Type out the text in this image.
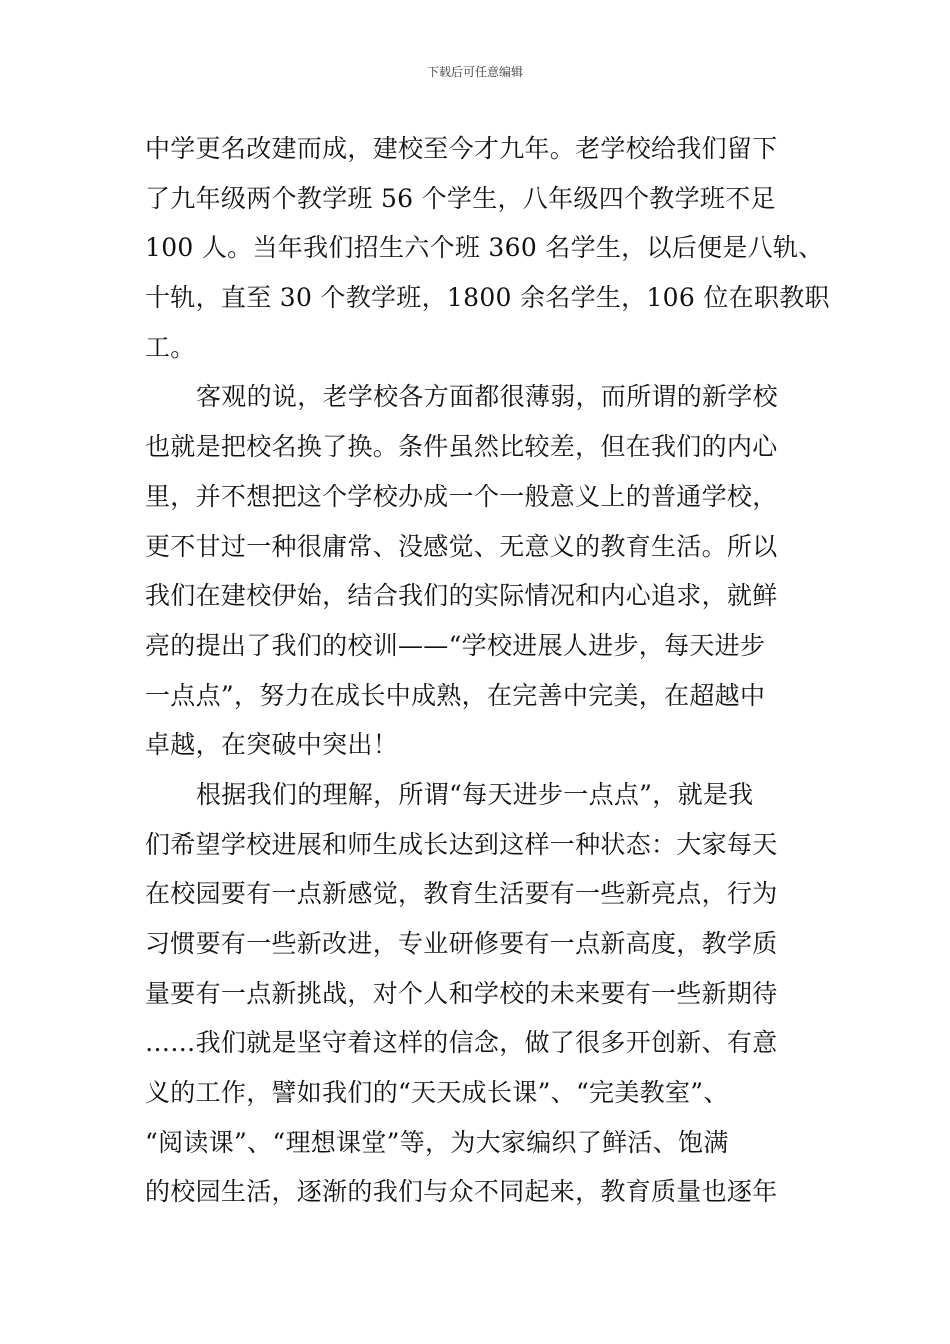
下载后可任意编辑
中学更名改建而成，建校至今才九年。老学校给我们留下
了九年级两个教学班 56 个学生，八年级四个教学班不足
100 人。当年我们招生六个班 360 名学生，以后便是八轨、
十轨，直至 30 个教学班，1800 余名学生，106 位在职教职
工。
客观的说，老学校各方面都很薄弱，而所谓的新学校
也就是把校名换了换。条件虽然比较差，但在我们的内心
里，并不想把这个学校办成一个一般意义上的普通学校，
更不甘过一种很庸常、没感觉、无意义的教育生活。所以
我们在建校伊始，结合我们的实际情况和内心追求，就鲜
亮的提出了我们的校训——“学校进展人进步，每天进步
一点点”，努力在成长中成熟，在完善中完美，在超越中
卓越，在突破中突出！
根据我们的理解，所谓“每天进步一点点”，就是我
们希望学校进展和师生成长达到这样一种状态：大家每天
在校园要有一点新感觉，教育生活要有一些新亮点，行为
习惯要有一些新改进，专业研修要有一点新高度，教学质
量要有一点新挑战，对个人和学校的未来要有一些新期待
……我们就是坚守着这样的信念，做了很多开创新、有意
义的工作，譬如我们的“天天成长课”、“完美教室”、
“阅读课”、“理想课堂”等，为大家编织了鲜活、饱满
的校园生活，逐渐的我们与众不同起来，教育质量也逐年
